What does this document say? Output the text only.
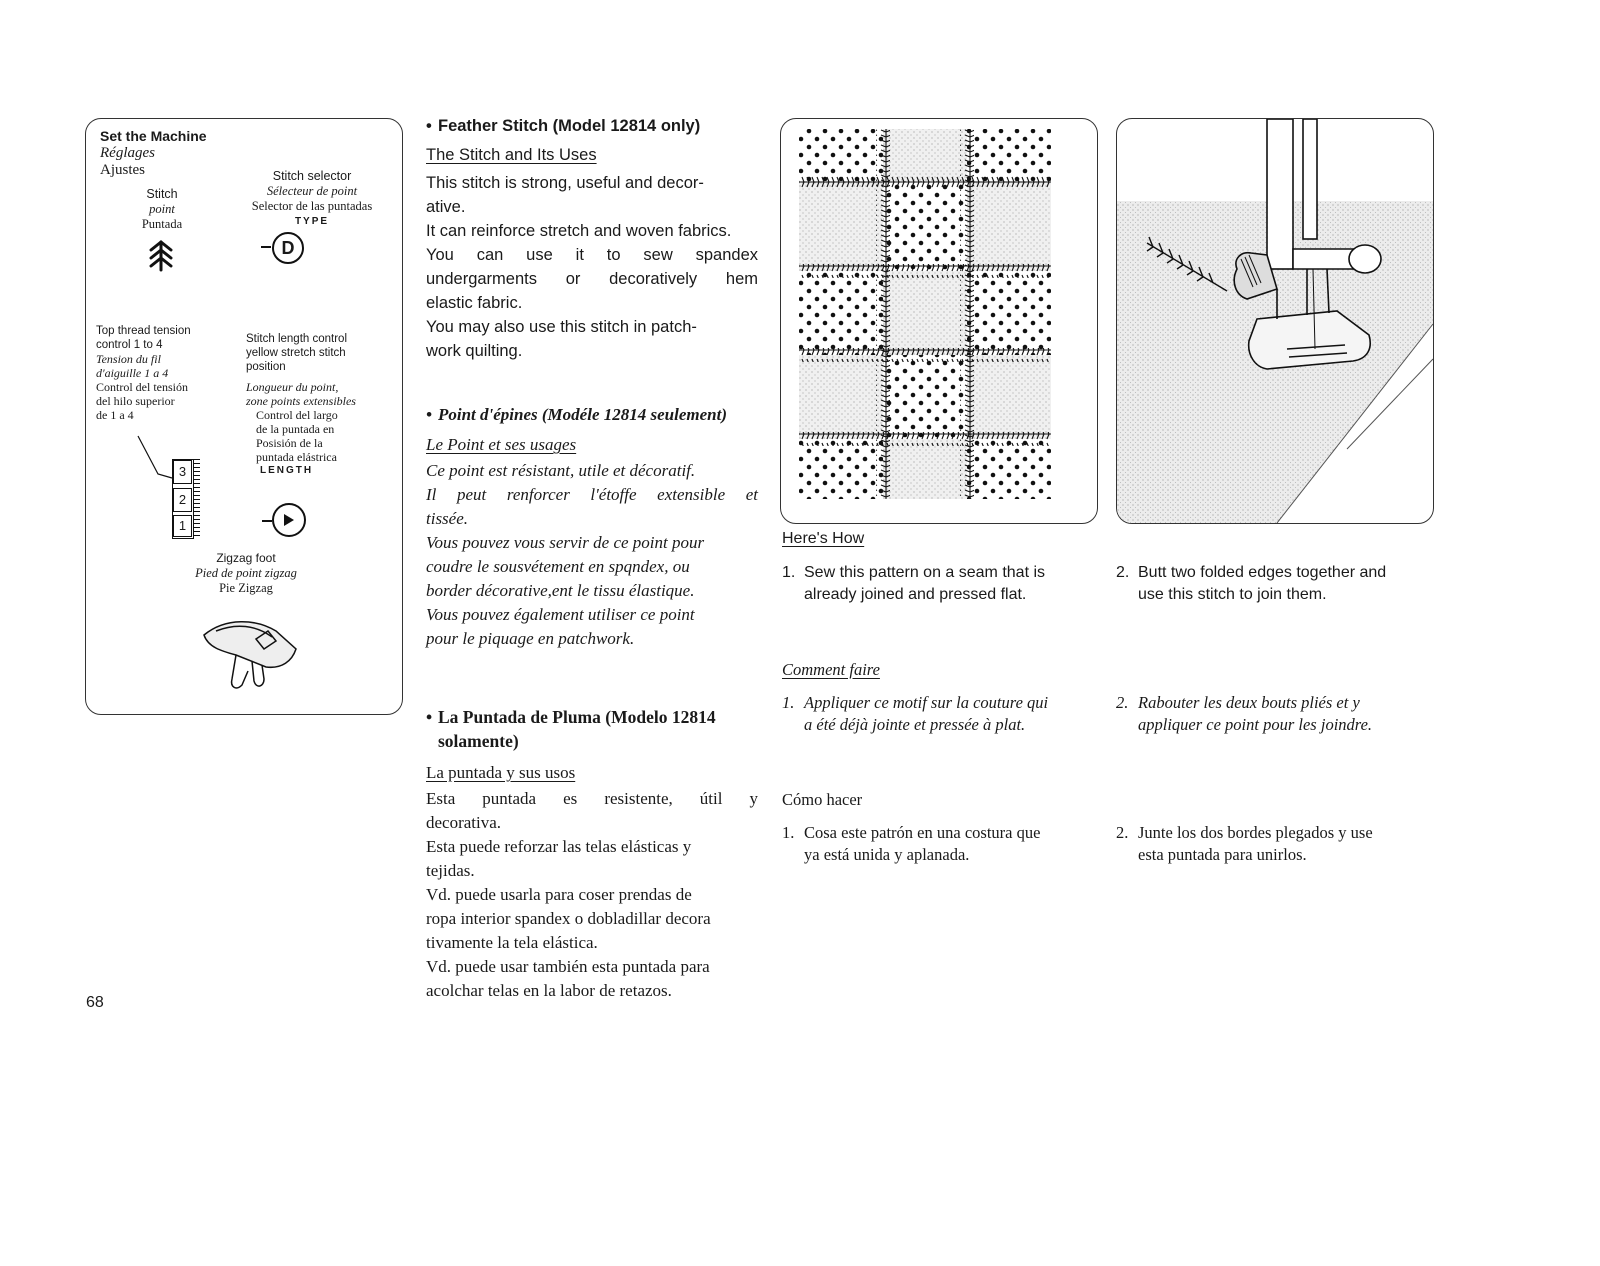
Set the Machine
Réglages
Ajustes
Stitch
point
Puntada
Stitch selector
Sélecteur de point
Selector de las puntadas
TYPE
D
Top thread tension
control 1 to 4
Tension du fil
d'aiguille 1 a 4
Control del tensión
del hilo superior
de 1 a 4
3
2
1
Stitch length control
yellow stretch stitch
position
Longueur du point,
zone points extensibles
Control del largo
de la puntada en
Posisión de la
puntada elástrica
LENGTH
Zigzag foot
Pied de point zigzag
Pie Zigzag
68
• Feather Stitch (Model 12814 only)
The Stitch and Its Uses

This stitch is strong, useful and decor-

ative.

It can reinforce stretch and woven fabrics.

You can use it to sew spandex

undergarments or decoratively hem

elastic fabric.

You may also use this stitch in patch-

work quilting.

• Point d'épines (Modéle 12814 seulement)
Le Point et ses usages

Ce point est résistant, utile et décoratif.

Il peut renforcer l'étoffe extensible et

tissée.

Vous pouvez vous servir de ce point pour

coudre le sousvétement en spqndex, ou

border décorative,ent le tissu élastique.

Vous pouvez également utiliser ce point

pour le piquage en patchwork.

• La Puntada de Pluma (Modelo 12814
solamente)
La puntada y sus usos

Esta puntada es resistente, útil y

decorativa.

Esta puede reforzar las telas elásticas y

tejidas.

Vd. puede usarla para coser prendas de

ropa interior spandex o dobladillar decora

tivamente la tela elástica.

Vd. puede usar también esta puntada para

acolchar telas en la labor de retazos.

Here's How
1. Sew this pattern on a seam that is
already joined and pressed flat.
2. Butt two folded edges together and
use this stitch to join them.
Comment faire
1. Appliquer ce motif sur la couture qui
a été déjà jointe et pressée à plat.
2. Rabouter les deux bouts pliés et y
appliquer ce point pour les joindre.
Cómo hacer
1. Cosa este patrón en una costura que
ya está unida y aplanada.
2. Junte los dos bordes plegados y use
esta puntada para unirlos.
